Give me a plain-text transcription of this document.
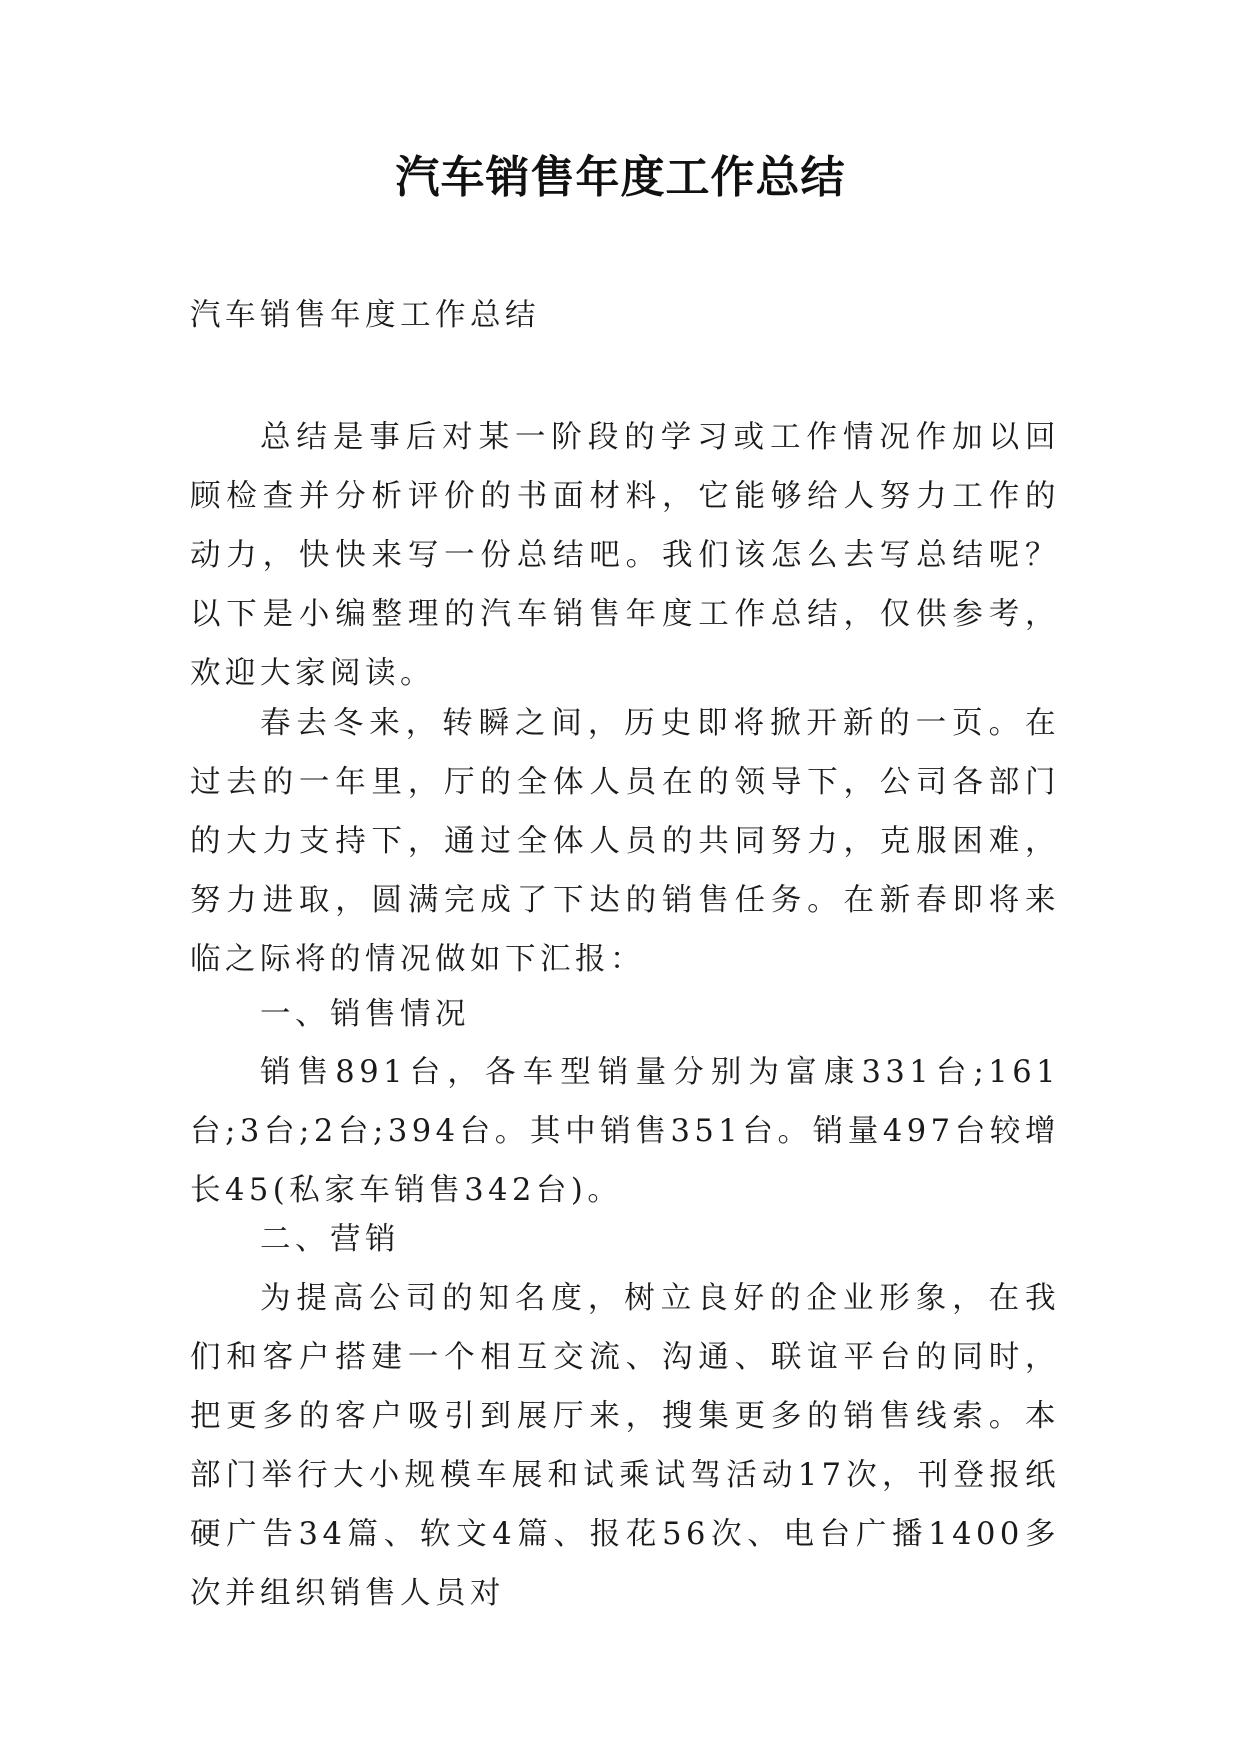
汽车销售年度工作总结

汽车销售年度工作总结

总结是事后对某一阶段的学习或工作情况作加以回顾检查并分析评价的书面材料，它能够给人努力工作的动力，快快来写一份总结吧。我们该怎么去写总结呢？以下是小编整理的汽车销售年度工作总结，仅供参考，欢迎大家阅读。

春去冬来，转瞬之间，历史即将掀开新的一页。在过去的一年里，厅的全体人员在的领导下，公司各部门的大力支持下，通过全体人员的共同努力，克服困难，努力进取，圆满完成了下达的销售任务。在新春即将来临之际将的情况做如下汇报：

一、销售情况

销售891台，各车型销量分别为富康331台;161台;3台;2台;394台。其中销售351台。销量497台较增长45(私家车销售342台)。

二、营销

为提高公司的知名度，树立良好的企业形象，在我们和客户搭建一个相互交流、沟通、联谊平台的同时，把更多的客户吸引到展厅来，搜集更多的销售线索。本部门举行大小规模车展和试乘试驾活动17次，刊登报纸硬广告34篇、软文4篇、报花56次、电台广播1400多次并组织销售人员对
